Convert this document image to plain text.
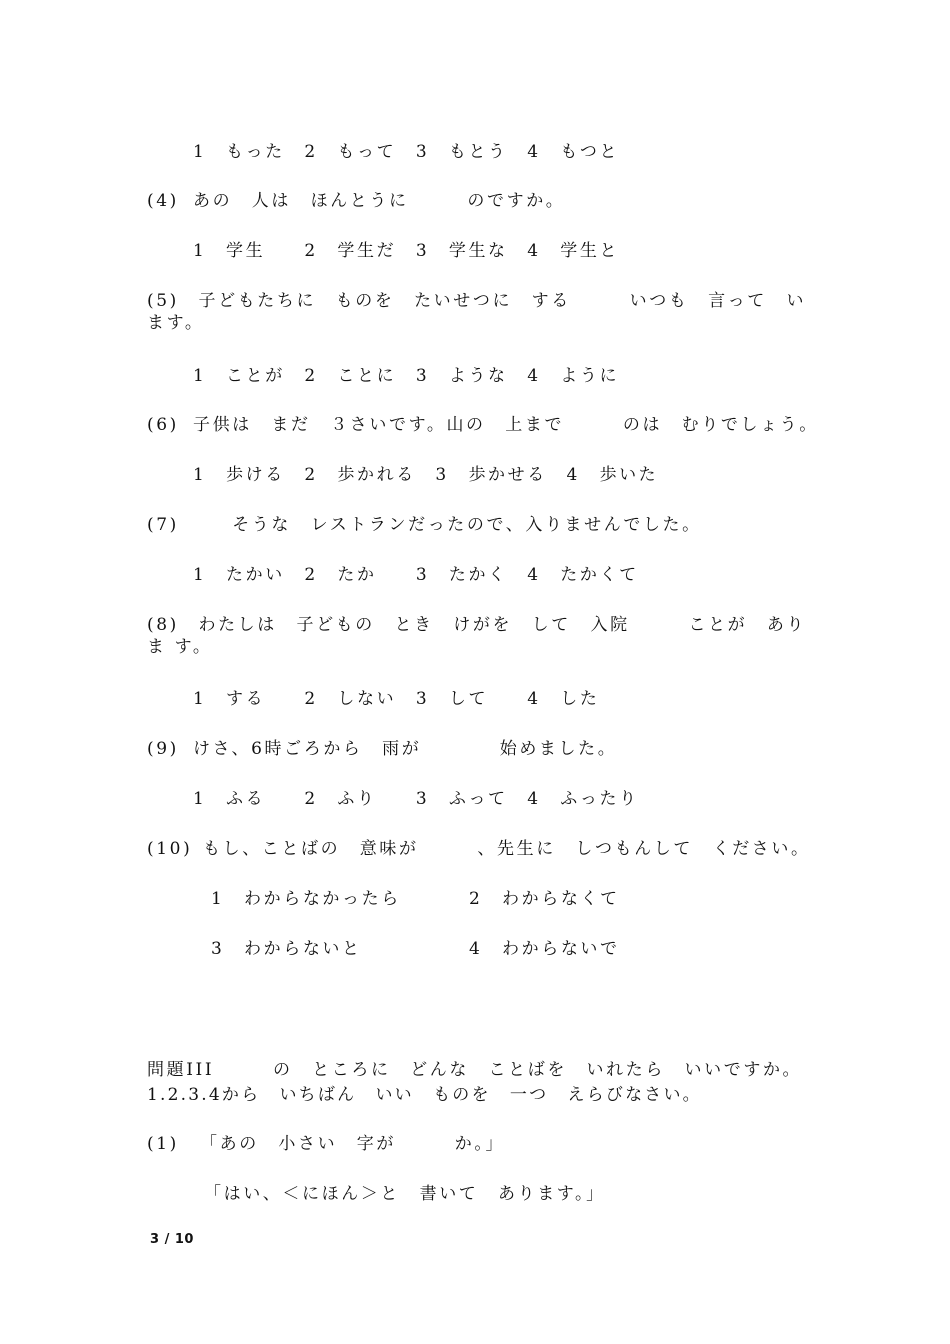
1　もった　2　もって　3　もとう　4　もつと
(4) あの　人は　ほんとうに　　　のですか。
1　学生　　2　学生だ　3　学生な　4　学生と
(5)　子どもたちに　ものを　たいせつに　する　　　いつも　言って　います。
1　ことが　2　ことに　3　ような　4　ように
(6) 子供は　まだ　３さいです。山の　上まで　　　のは　むりでしょう。
1　歩ける　2　歩かれる　3　歩かせる　4　歩いた
(7) 　　そうな　レストランだったので、入りませんでした。
1　たかい　2　たか　　3　たかく　4　たかくて
(8)　わたしは　子どもの　とき　けがを　して　入院　　　ことが　ありま す。
1　する　　2　しない　3　して　　4　した
(9) けさ、6時ごろから　雨が　　　　始めました。
1　ふる　　2　ふり　　3　ふって　4　ふったり
(10) もし、ことばの　意味が　　　、先生に　しつもんして　ください。
1　わからなかったら	2　わからなくて
3　わからないと	4　わからないで
問題III　　　の　ところに　どんな　ことばを　いれたら　いいですか。
1.2.3.4から　いちばん　いい　ものを　一つ　えらびなさい。
(1) 「あの　小さい　字が　　　か。」
「はい、＜にほん＞と　書いて　あります。」
3 / 10
